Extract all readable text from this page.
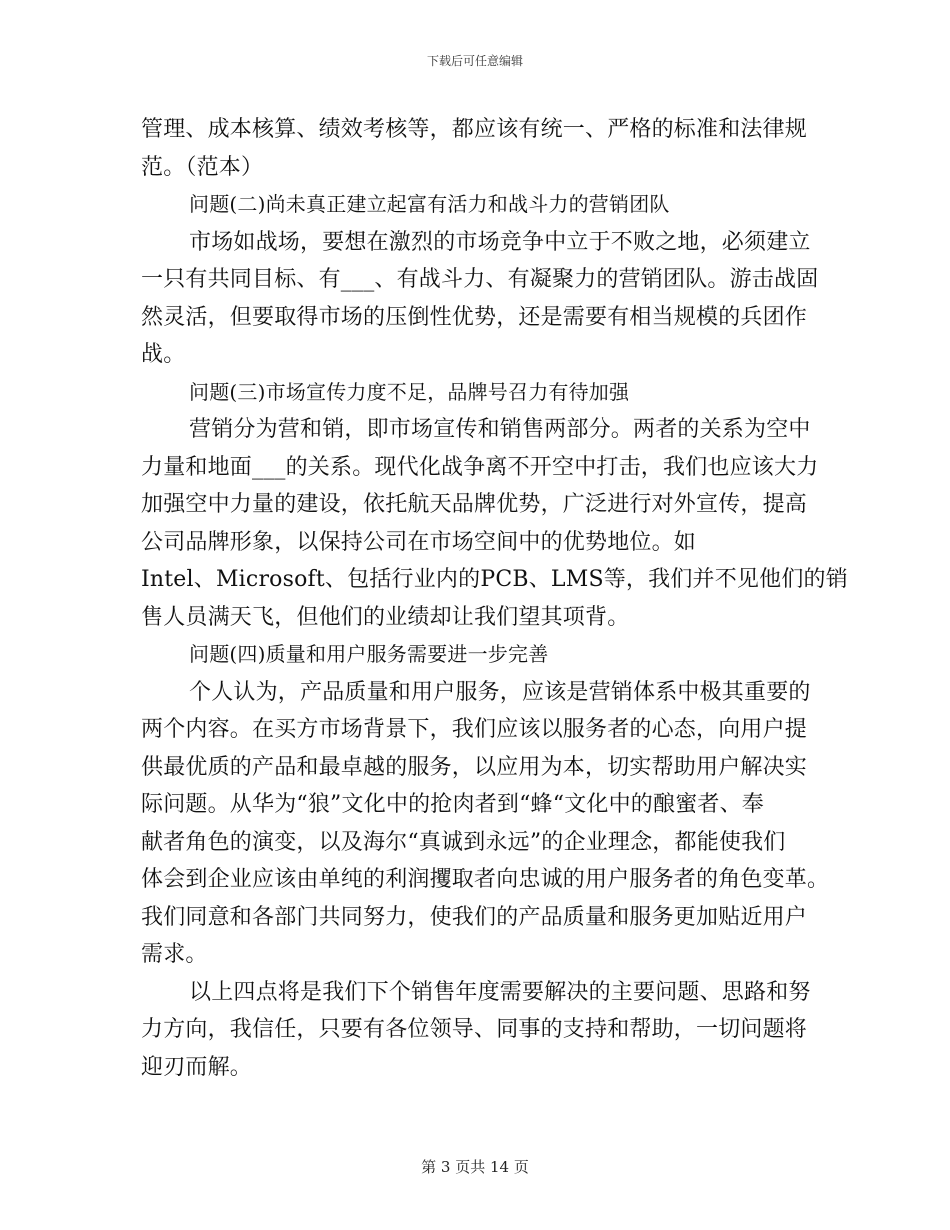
下载后可任意编辑
管理、成本核算、绩效考核等，都应该有统一、严格的标准和法律规
范。（范本）
问题(二)尚未真正建立起富有活力和战斗力的营销团队
市场如战场，要想在激烈的市场竞争中立于不败之地，必须建立
一只有共同目标、有___、有战斗力、有凝聚力的营销团队。游击战固
然灵活，但要取得市场的压倒性优势，还是需要有相当规模的兵团作
战。
问题(三)市场宣传力度不足，品牌号召力有待加强
营销分为营和销，即市场宣传和销售两部分。两者的关系为空中
力量和地面___的关系。现代化战争离不开空中打击，我们也应该大力
加强空中力量的建设，依托航天品牌优势，广泛进行对外宣传，提高
公司品牌形象，以保持公司在市场空间中的优势地位。如
Intel、Microsoft、包括行业内的PCB、LMS等，我们并不见他们的销
售人员满天飞，但他们的业绩却让我们望其项背。
问题(四)质量和用户服务需要进一步完善
个人认为，产品质量和用户服务，应该是营销体系中极其重要的
两个内容。在买方市场背景下，我们应该以服务者的心态，向用户提
供最优质的产品和最卓越的服务，以应用为本，切实帮助用户解决实
际问题。从华为“狼”文化中的抢肉者到“蜂“文化中的酿蜜者、奉
献者角色的演变，以及海尔“真诚到永远”的企业理念，都能使我们
体会到企业应该由单纯的利润攫取者向忠诚的用户服务者的角色变革。
我们同意和各部门共同努力，使我们的产品质量和服务更加贴近用户
需求。
以上四点将是我们下个销售年度需要解决的主要问题、思路和努
力方向，我信任，只要有各位领导、同事的支持和帮助，一切问题将
迎刃而解。
第 3 页共 14 页
